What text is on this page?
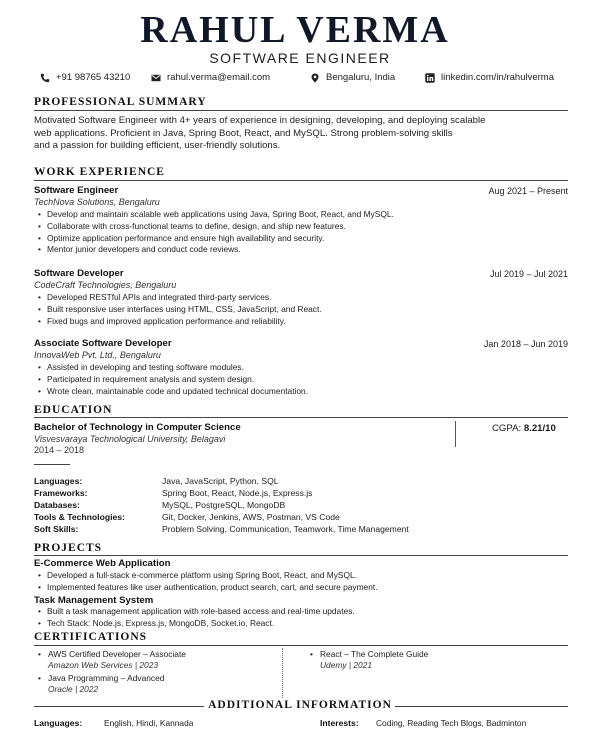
RAHUL VERMA
SOFTWARE ENGINEER
+91 98765 43210	rahul.verma@email.com	Bengaluru, India	linkedin.com/in/rahulverma
PROFESSIONAL SUMMARY
Motivated Software Engineer with 4+ years of experience in designing, developing, and deploying scalable
web applications. Proficient in Java, Spring Boot, React, and MySQL. Strong problem-solving skills
and a passion for building efficient, user-friendly solutions.
WORK EXPERIENCE
Software Engineer	Aug 2021 – Present
TechNova Solutions, Bengaluru
• Develop and maintain scalable web applications using Java, Spring Boot, React, and MySQL.
• Collaborate with cross-functional teams to define, design, and ship new features.
• Optimize application performance and ensure high availability and security.
• Mentor junior developers and conduct code reviews.
Software Developer	Jul 2019 – Jul 2021
CodeCraft Technologies, Bengaluru
• Developed RESTful APIs and integrated third-party services.
• Built responsive user interfaces using HTML, CSS, JavaScript, and React.
• Fixed bugs and improved application performance and reliability.
Associate Software Developer	Jan 2018 – Jun 2019
InnovaWeb Pvt. Ltd., Bengaluru
• Assisted in developing and testing software modules.
• Participated in requirement analysis and system design.
• Wrote clean, maintainable code and updated technical documentation.
EDUCATION
Bachelor of Technology in Computer Science
Visvesvaraya Technological University, Belagavi
2014 – 2018
CGPA: 8.21/10
Languages:	Java, JavaScript, Python, SQL
Frameworks:	Spring Boot, React, Node.js, Express.js
Databases:	MySQL, PostgreSQL, MongoDB
Tools & Technologies:	Git, Docker, Jenkins, AWS, Postman, VS Code
Soft Skills:	Problem Solving, Communication, Teamwork, Time Management
PROJECTS
E-Commerce Web Application
• Developed a full-stack e-commerce platform using Spring Boot, React, and MySQL.
• Implemented features like user authentication, product search, cart, and secure payment.
Task Management System
• Built a task management application with role-based access and real-time updates.
• Tech Stack: Node.js, Express.js, MongoDB, Socket.io, React.
CERTIFICATIONS
• AWS Certified Developer – Associate
Amazon Web Services | 2023
• Java Programming – Advanced
Oracle | 2022
• React – The Complete Guide
Udemy | 2021
ADDITIONAL INFORMATION
Languages:	English, Hindi, Kannada	Interests: Coding, Reading Tech Blogs, Badminton
